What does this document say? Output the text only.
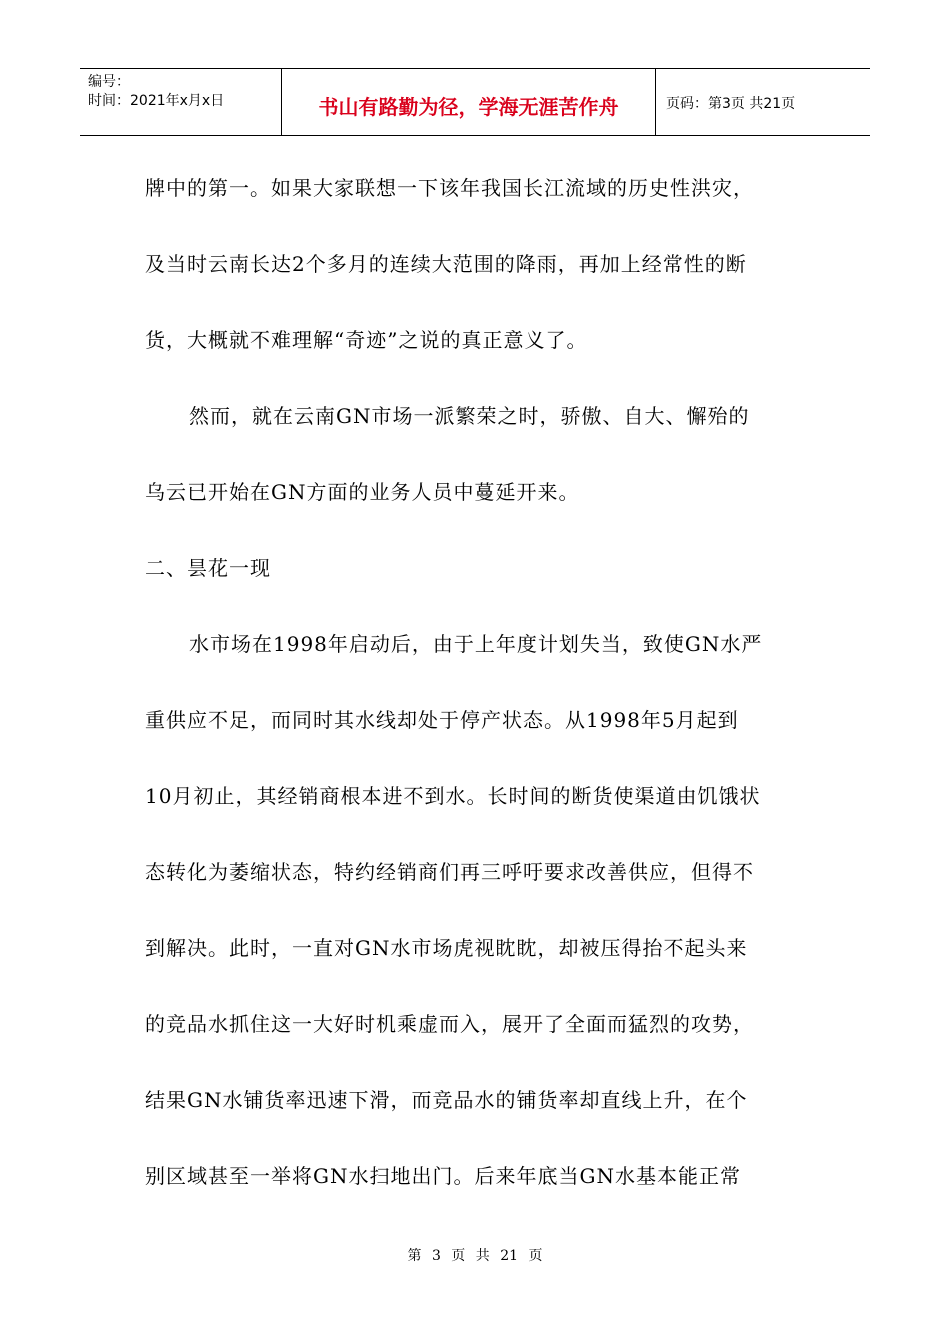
编号：
时间：2021年x月x日	书山有路勤为径，学海无涯苦作舟	页码：第3页 共21页

牌中的第一。如果大家联想一下该年我国长江流域的历史性洪灾，

及当时云南长达2个多月的连续大范围的降雨，再加上经常性的断

货，大概就不难理解“奇迹”之说的真正意义了。

然而，就在云南GN市场一派繁荣之时，骄傲、自大、懈殆的

乌云已开始在GN方面的业务人员中蔓延开来。

二、昙花一现

水市场在1998年启动后，由于上年度计划失当，致使GN水严

重供应不足，而同时其水线却处于停产状态。从1998年5月起到

10月初止，其经销商根本进不到水。长时间的断货使渠道由饥饿状

态转化为萎缩状态，特约经销商们再三呼吁要求改善供应，但得不

到解决。此时，一直对GN水市场虎视眈眈，却被压得抬不起头来

的竞品水抓住这一大好时机乘虚而入，展开了全面而猛烈的攻势，

结果GN水铺货率迅速下滑，而竞品水的铺货率却直线上升，在个

别区域甚至一举将GN水扫地出门。后来年底当GN水基本能正常

第 3 页 共 21 页
